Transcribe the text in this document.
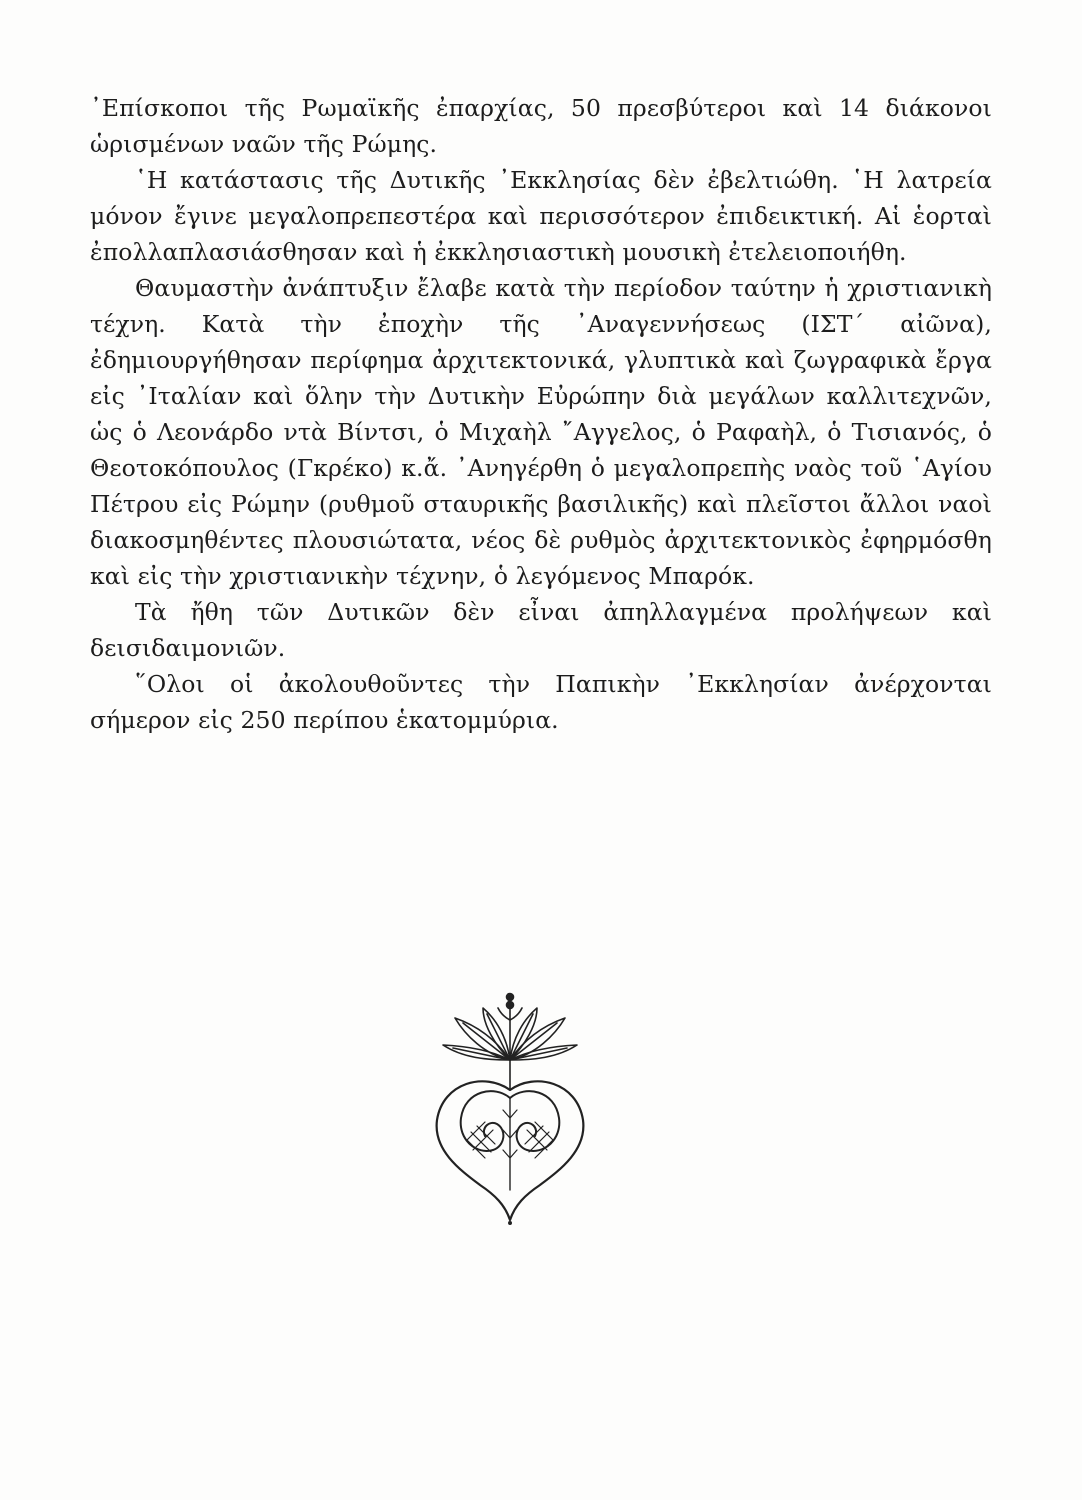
᾿Επίσκοποι τῆς Ρωμαϊκῆς ἐπαρχίας, 50 πρεσβύτεροι καὶ 14 διάκονοι ὡρισμένων ναῶν τῆς Ρώμης.

῾Η κατάστασις τῆς Δυτικῆς ᾿Εκκλησίας δὲν ἐβελτιώθη. ῾Η λατρεία μόνον ἔγινε μεγαλοπρεπεστέρα καὶ περισσότερον ἐπιδεικτική. Αἱ ἑορταὶ ἐπολλαπλασιάσθησαν καὶ ἡ ἐκκλησιαστικὴ μουσικὴ ἐτελειοποιήθη.

Θαυμαστὴν ἀνάπτυξιν ἔλαβε κατὰ τὴν περίοδον ταύτην ἡ χριστιανικὴ τέχνη. Κατὰ τὴν ἐποχὴν τῆς ᾿Αναγεννήσεως (ΙΣΤ΄ αἰῶνα), ἐδημιουργήθησαν περίφημα ἀρχιτεκτονικά, γλυπτικὰ καὶ ζωγραφικὰ ἔργα εἰς ᾿Ιταλίαν καὶ ὅλην τὴν Δυτικὴν Εὐρώπην διὰ μεγάλων καλλιτεχνῶν, ὡς ὁ Λεονάρδο ντὰ Βίντσι, ὁ Μιχαὴλ ῎Αγγελος, ὁ Ραφαὴλ, ὁ Τισιανός, ὁ Θεοτοκόπουλος (Γκρέκο) κ.ἄ. ᾿Ανηγέρθη ὁ μεγαλοπρεπὴς ναὸς τοῦ ῾Αγίου Πέτρου εἰς Ρώμην (ρυθμοῦ σταυρικῆς βασιλικῆς) καὶ πλεῖστοι ἄλλοι ναοὶ διακοσμηθέντες πλουσιώτατα, νέος δὲ ρυθμὸς ἀρχιτεκτονικὸς ἐφηρμόσθη καὶ εἰς τὴν χριστιανικὴν τέχνην, ὁ λεγόμενος Μπαρόκ.

Τὰ ἤθη τῶν Δυτικῶν δὲν εἶναι ἀπηλλαγμένα προλήψεων καὶ δεισιδαιμονιῶν.

῞Ολοι οἱ ἀκολουθοῦντες τὴν Παπικὴν ᾿Εκκλησίαν ἀνέρχονται σήμερον εἰς 250 περίπου ἑκατομμύρια.
